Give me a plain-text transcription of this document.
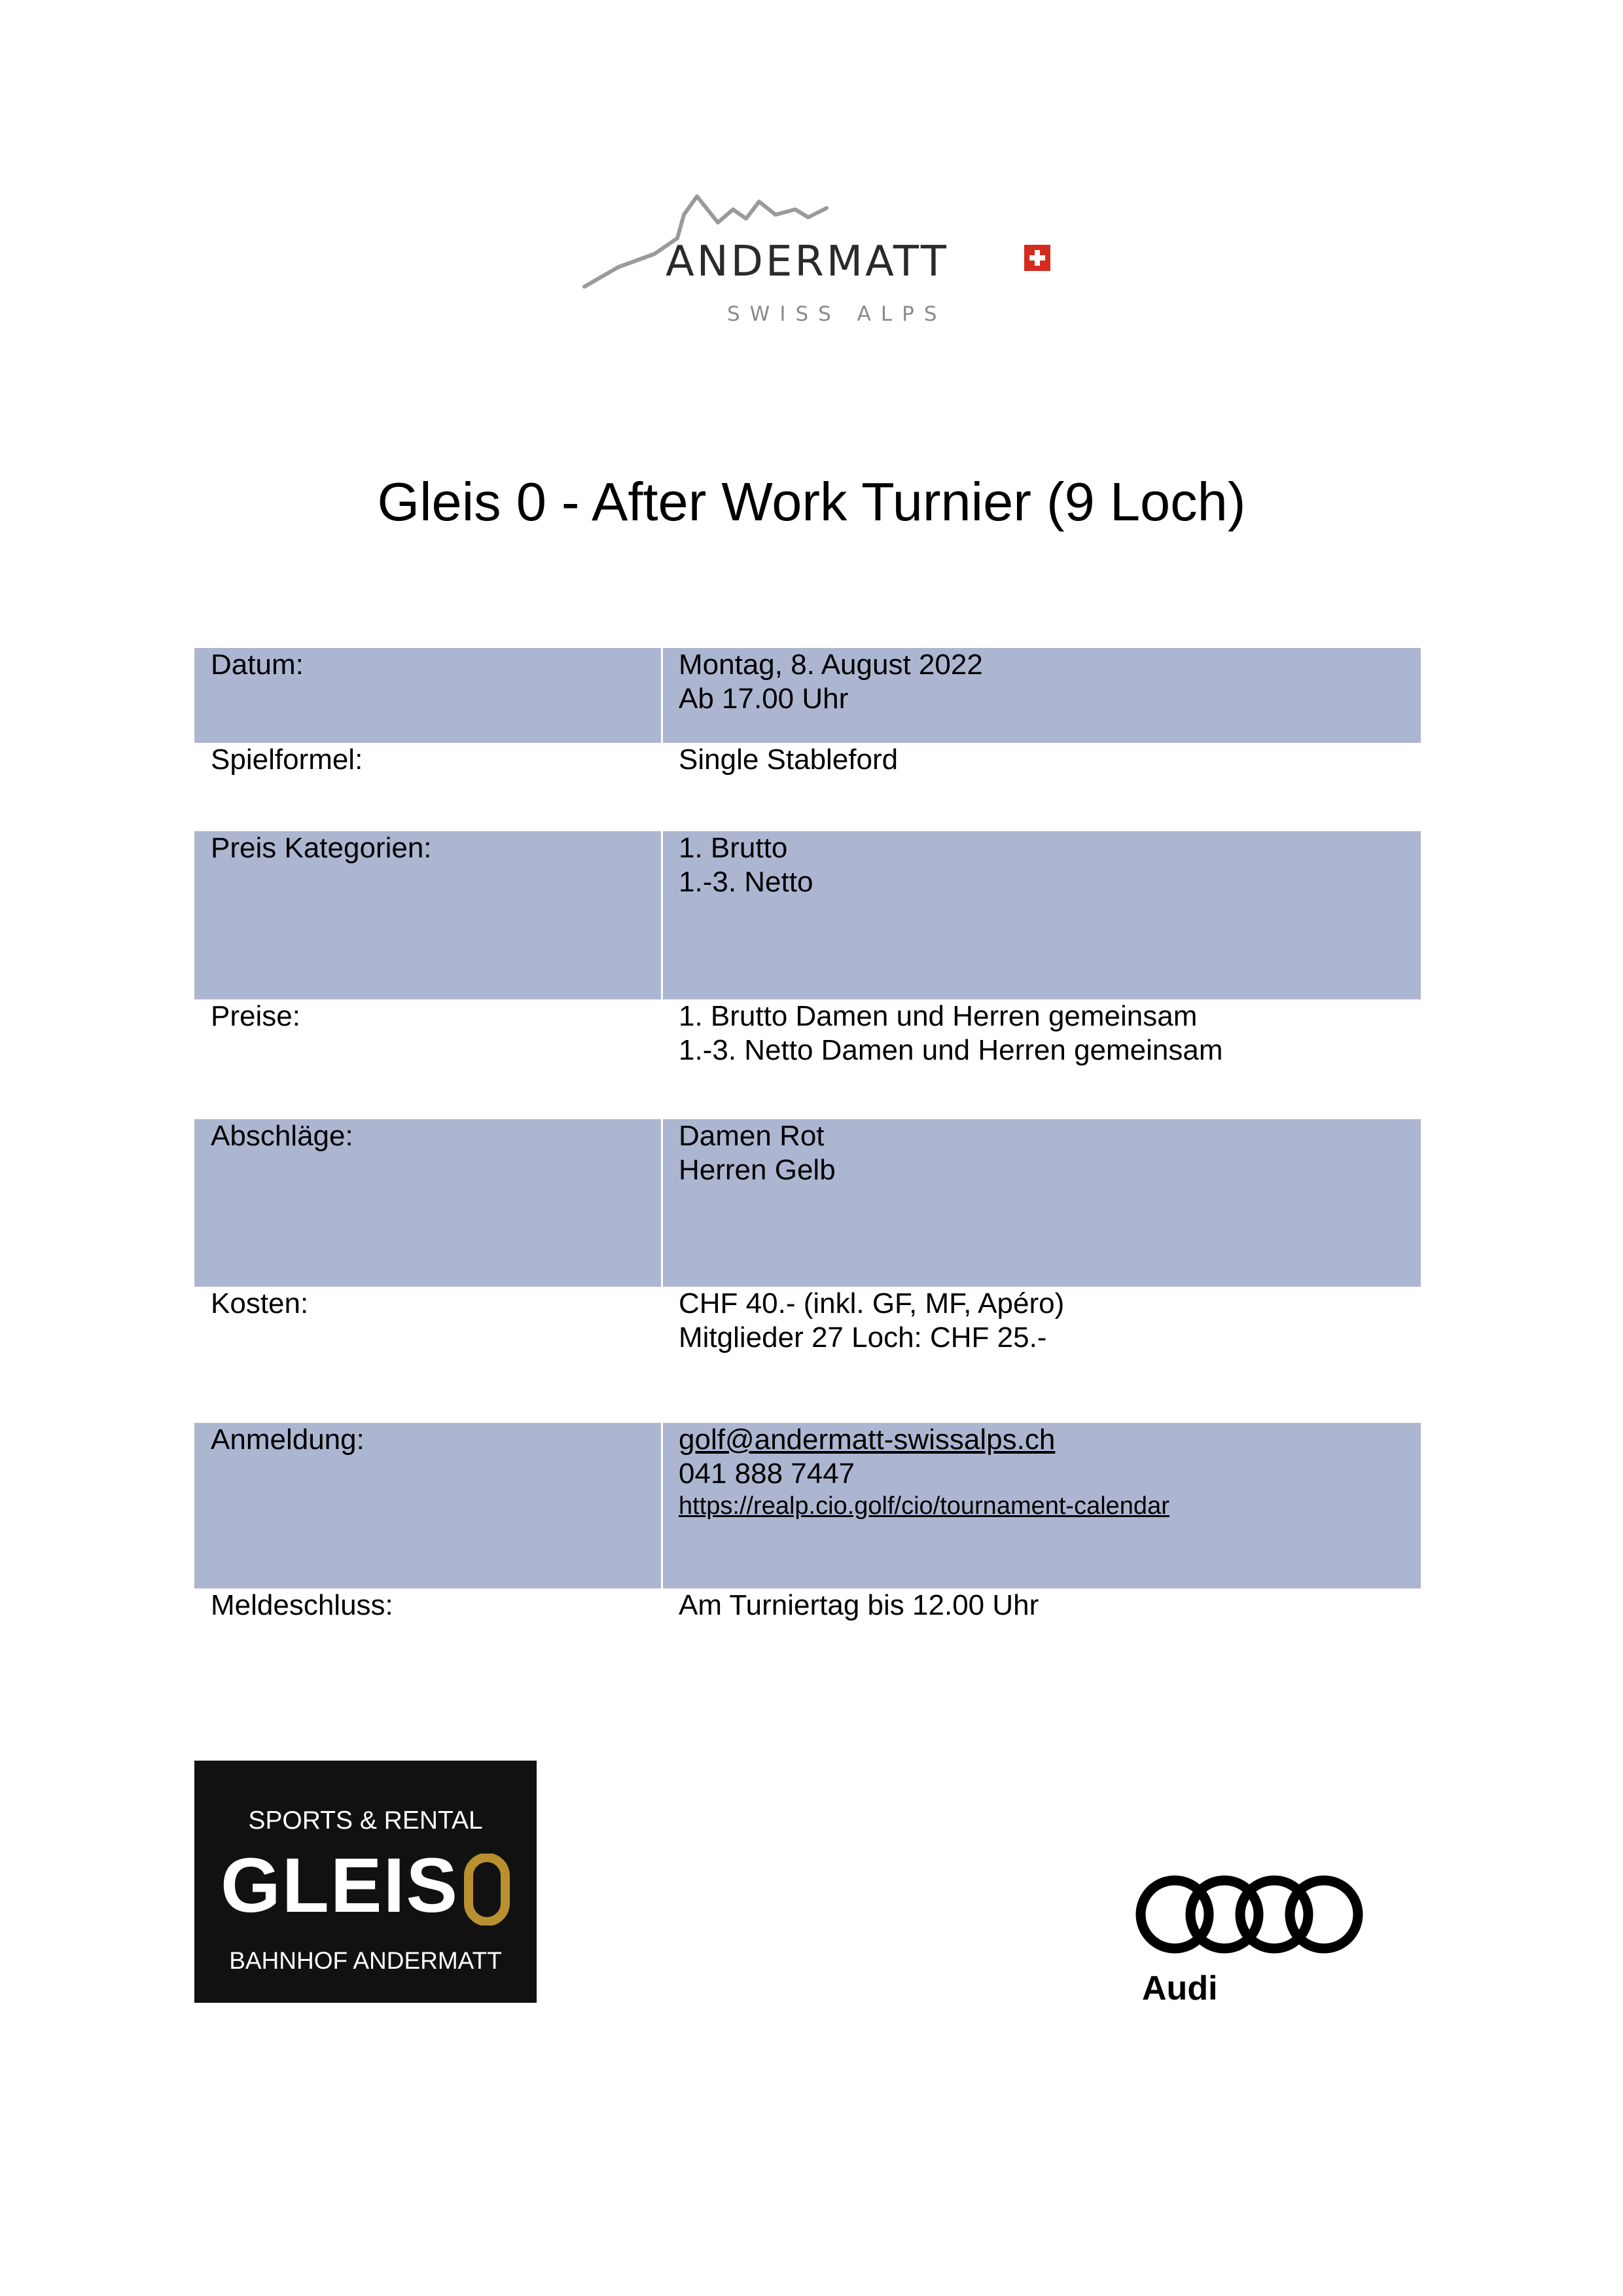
ANDERMATT
SWISS ALPS
Gleis 0 - After Work Turnier (9 Loch)
Datum:	Montag, 8. August 2022
Ab 17.00 Uhr
Spielformel:	Single Stableford
Preis Kategorien:	1. Brutto
1.-3. Netto
Preise:	1. Brutto Damen und Herren gemeinsam
1.-3. Netto Damen und Herren gemeinsam
Abschläge:	Damen Rot
Herren Gelb
Kosten:	CHF 40.- (inkl. GF, MF, Apéro)
Mitglieder 27 Loch: CHF 25.-
Anmeldung:	golf@andermatt-swissalps.ch
041 888 7447
https://realp.cio.golf/cio/tournament-calendar
Meldeschluss:	Am Turniertag bis 12.00 Uhr
SPORTS & RENTAL
GLEIS
BAHNHOF ANDERMATT
Audi
